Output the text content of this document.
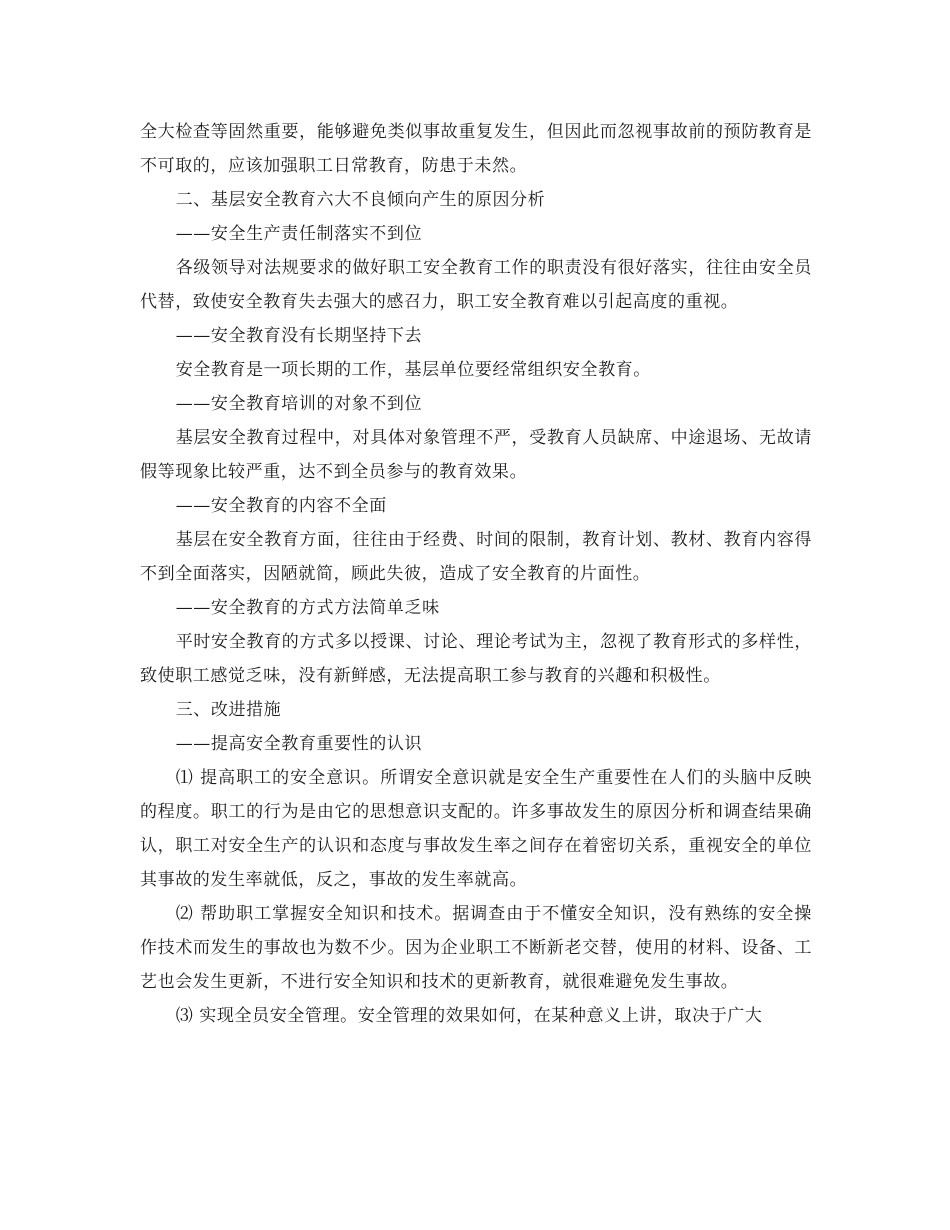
全大检查等固然重要，能够避免类似事故重复发生，但因此而忽视事故前的预防教育是不可取的，应该加强职工日常教育，防患于未然。

二、基层安全教育六大不良倾向产生的原因分析

——安全生产责任制落实不到位

各级领导对法规要求的做好职工安全教育工作的职责没有很好落实，往往由安全员代替，致使安全教育失去强大的感召力，职工安全教育难以引起高度的重视。

——安全教育没有长期坚持下去

安全教育是一项长期的工作，基层单位要经常组织安全教育。

——安全教育培训的对象不到位

基层安全教育过程中，对具体对象管理不严，受教育人员缺席、中途退场、无故请假等现象比较严重，达不到全员参与的教育效果。

——安全教育的内容不全面

基层在安全教育方面，往往由于经费、时间的限制，教育计划、教材、教育内容得不到全面落实，因陋就简，顾此失彼，造成了安全教育的片面性。

——安全教育的方式方法简单乏味

平时安全教育的方式多以授课、讨论、理论考试为主，忽视了教育形式的多样性，致使职工感觉乏味，没有新鲜感，无法提高职工参与教育的兴趣和积极性。

三、改进措施

——提高安全教育重要性的认识

⑴ 提高职工的安全意识。所谓安全意识就是安全生产重要性在人们的头脑中反映的程度。职工的行为是由它的思想意识支配的。许多事故发生的原因分析和调查结果确认，职工对安全生产的认识和态度与事故发生率之间存在着密切关系，重视安全的单位其事故的发生率就低，反之，事故的发生率就高。

⑵ 帮助职工掌握安全知识和技术。据调查由于不懂安全知识，没有熟练的安全操作技术而发生的事故也为数不少。因为企业职工不断新老交替，使用的材料、设备、工艺也会发生更新，不进行安全知识和技术的更新教育，就很难避免发生事故。

⑶ 实现全员安全管理。安全管理的效果如何，在某种意义上讲，取决于广大
